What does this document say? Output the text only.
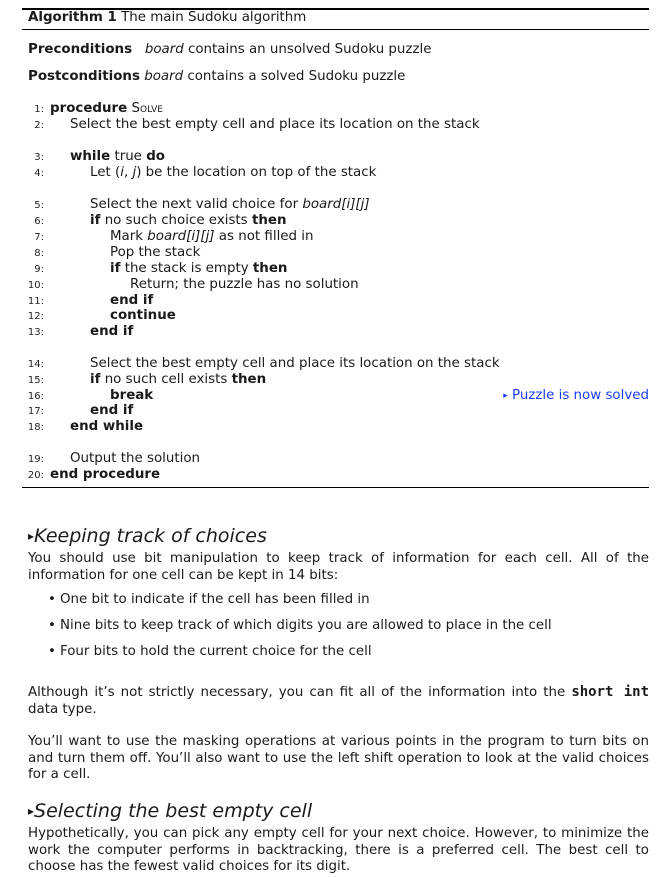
Algorithm 1 The main Sudoku algorithm
Preconditions board contains an unsolved Sudoku puzzle
Postconditions board contains a solved Sudoku puzzle
1: procedure Solve
2: Select the best empty cell and place its location on the stack
3: while true do
4:	Let (i, j) be the location on top of the stack
5:	Select the next valid choice for board[i][j]
6:	if no such choice exists then
7:	Mark board[i][j] as not filled in
8:	Pop the stack
9:	if the stack is empty then
10:	Return; the puzzle has no solution
11:	end if
12:	continue
13:	end if
14:	Select the best empty cell and place its location on the stack
15:	if no such cell exists then
16:	break	▸ Puzzle is now solved
17:	end if
18: end while
19: Output the solution
20: end procedure
▸Keeping track of choices
You should use bit manipulation to keep track of information for each cell. All of the information for one cell can be kept in 14 bits:
• One bit to indicate if the cell has been filled in
• Nine bits to keep track of which digits you are allowed to place in the cell
• Four bits to hold the current choice for the cell
Although it’s not strictly necessary, you can fit all of the information into the short int data type.
You’ll want to use the masking operations at various points in the program to turn bits on and turn them off. You’ll also want to use the left shift operation to look at the valid choices for a cell.
▸Selecting the best empty cell
Hypothetically, you can pick any empty cell for your next choice. However, to minimize the work the computer performs in backtracking, there is a preferred cell. The best cell to choose has the fewest valid choices for its digit.
